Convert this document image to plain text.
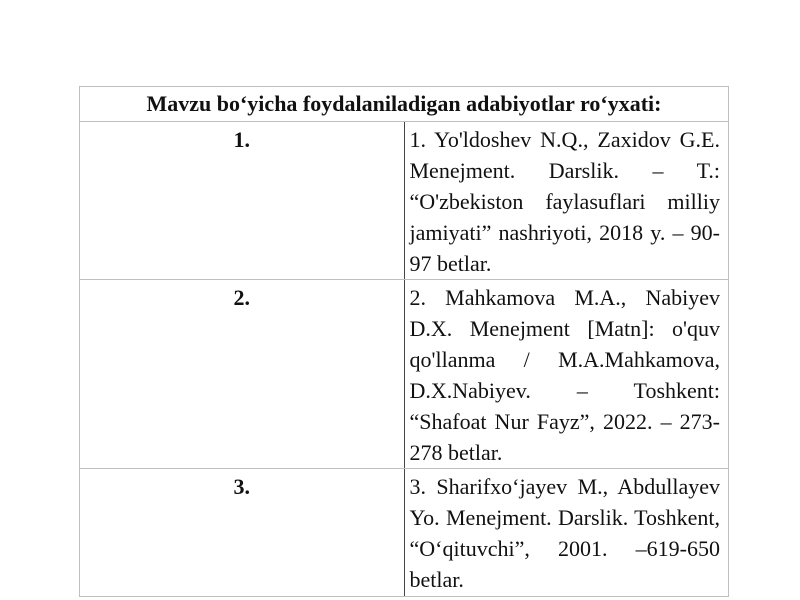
Mavzu bo‘yicha foydalaniladigan adabiyotlar ro‘yxati:	
1.	1. Yo'ldoshev N.Q., Zaxidov G.E. Menejment. Darslik. – T.: “O'zbekiston faylasuflari milliy jamiyati” nashriyoti, 2018 y. – 90-97 betlar.
2.	2. Mahkamova M.A., Nabiyev D.X. Menejment [Matn]: o'quv qo'llanma / M.A.Mahkamova, D.X.Nabiyev. – Toshkent: “Shafoat Nur Fayz”, 2022. – 273-278 betlar.
3.	3. Sharifxo‘jayev M., Abdullayev Yo. Menejment. Darslik. Toshkent, “O‘qituvchi”, 2001. –619-650 betlar.
